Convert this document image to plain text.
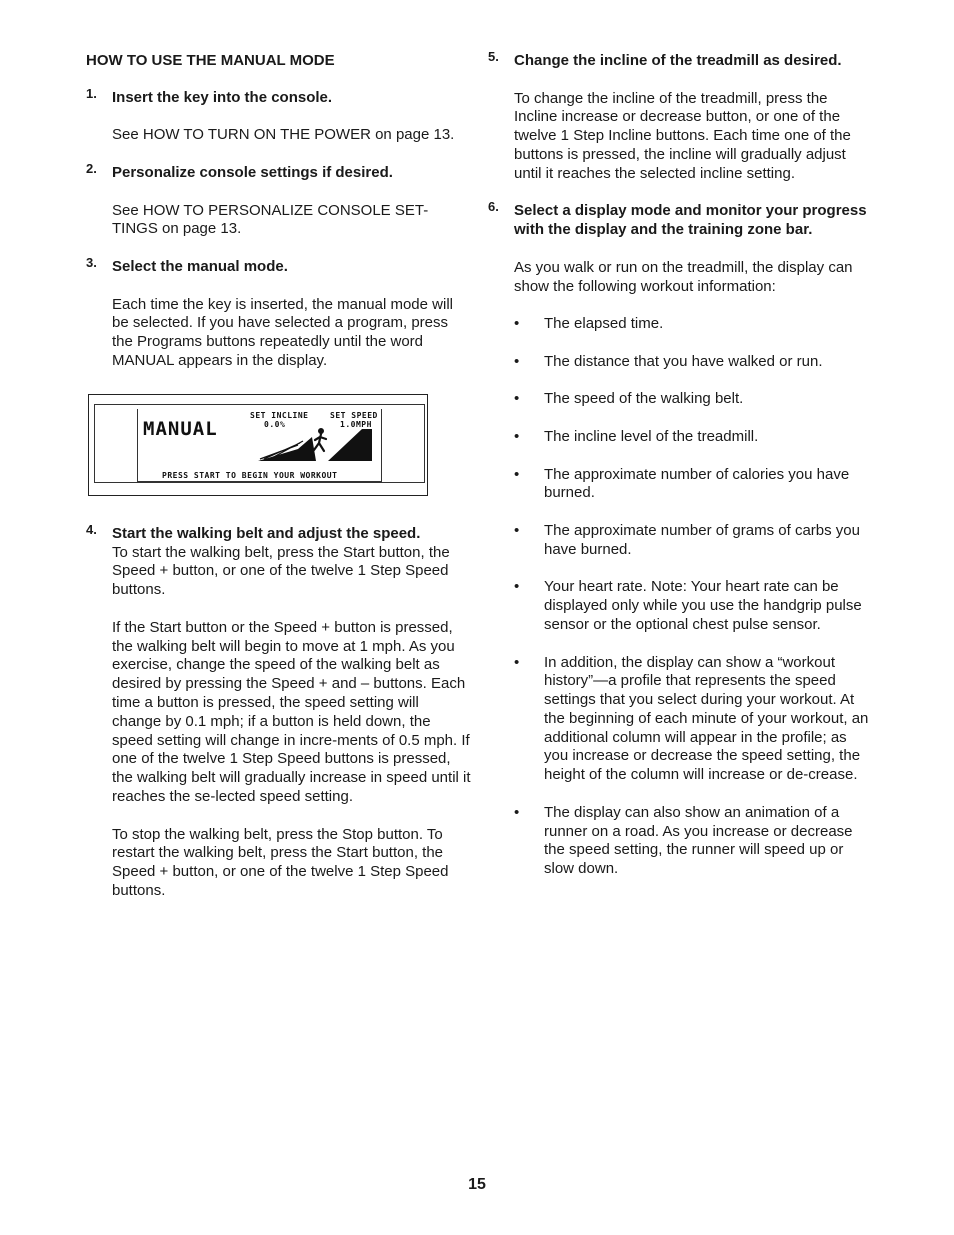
HOW TO USE THE MANUAL MODE

1. Insert the key into the console.

See HOW TO TURN ON THE POWER on page 13.

2. Personalize console settings if desired.

See HOW TO PERSONALIZE CONSOLE SET-TINGS on page 13.

3. Select the manual mode.

Each time the key is inserted, the manual mode will be selected. If you have selected a program, press the Programs buttons repeatedly until the word MANUAL appears in the display.

MANUAL
SET INCLINE
0.0%
SET SPEED
1.0MPH
PRESS START TO BEGIN YOUR WORKOUT
4. Start the walking belt and adjust the speed.

To start the walking belt, press the Start button, the Speed + button, or one of the twelve 1 Step Speed buttons.

If the Start button or the Speed + button is pressed, the walking belt will begin to move at 1 mph. As you exercise, change the speed of the walking belt as desired by pressing the Speed + and – buttons. Each time a button is pressed, the speed setting will change by 0.1 mph; if a button is held down, the speed setting will change in incre-ments of 0.5 mph. If one of the twelve 1 Step Speed buttons is pressed, the walking belt will gradually increase in speed until it reaches the se-lected speed setting.

To stop the walking belt, press the Stop button. To restart the walking belt, press the Start button, the Speed + button, or one of the twelve 1 Step Speed buttons.

5. Change the incline of the treadmill as desired.

To change the incline of the treadmill, press the Incline increase or decrease button, or one of the twelve 1 Step Incline buttons. Each time one of the buttons is pressed, the incline will gradually adjust until it reaches the selected incline setting.

6. Select a display mode and monitor your progress with the display and the training zone bar.

As you walk or run on the treadmill, the display can show the following workout information:

• The elapsed time.
• The distance that you have walked or run.
• The speed of the walking belt.
• The incline level of the treadmill.
• The approximate number of calories you have burned.
• The approximate number of grams of carbs you have burned.
• Your heart rate. Note: Your heart rate can be displayed only while you use the handgrip pulse sensor or the optional chest pulse sensor.
• In addition, the display can show a “workout history”—a profile that represents the speed settings that you select during your workout. At the beginning of each minute of your workout, an additional column will appear in the profile; as you increase or decrease the speed setting, the height of the column will increase or de-crease.
• The display can also show an animation of a runner on a road. As you increase or decrease the speed setting, the runner will speed up or slow down.
15
